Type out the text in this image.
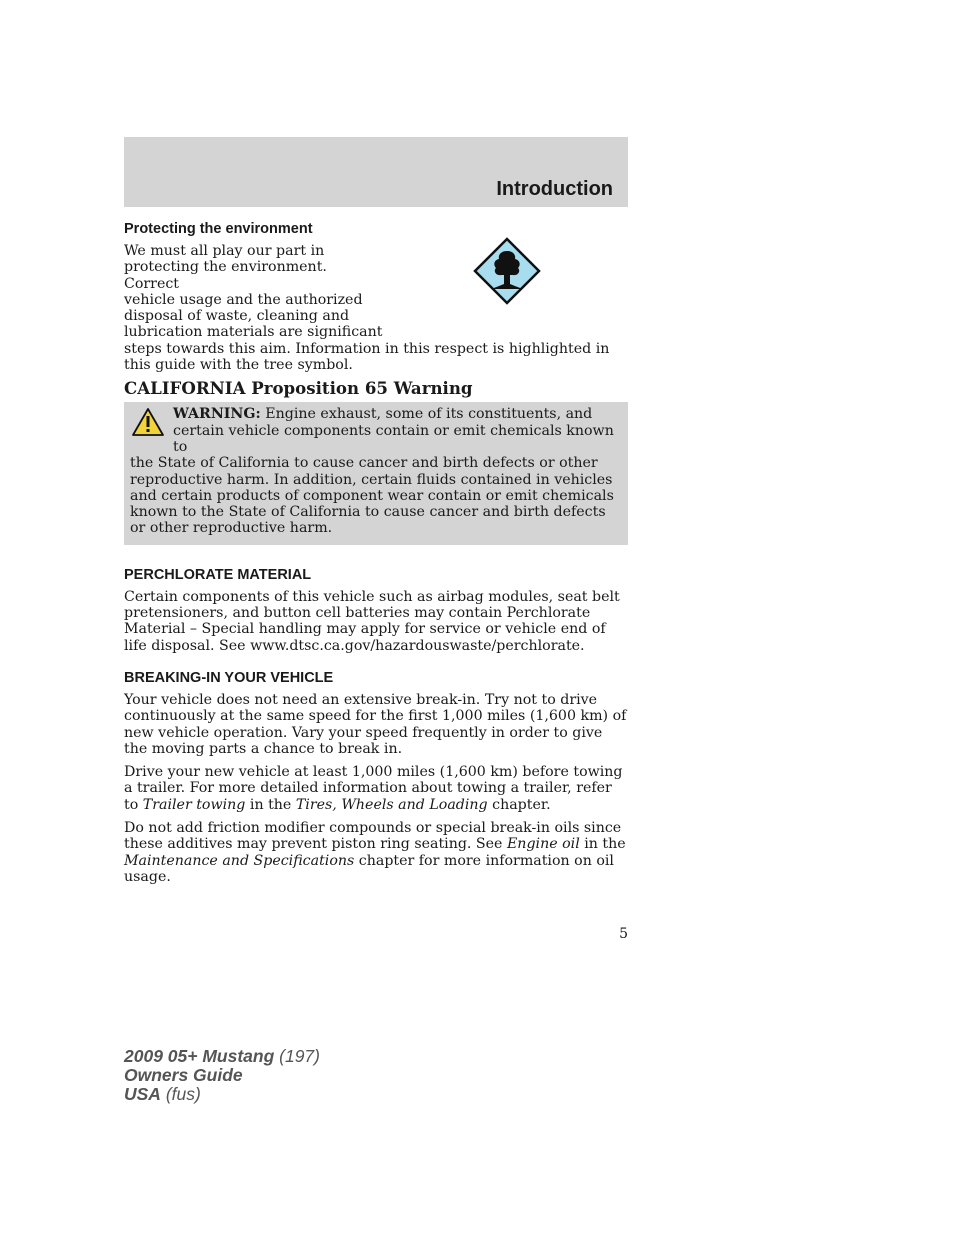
Introduction
Protecting the environment
We must all play our part in
protecting the environment. Correct
vehicle usage and the authorized
disposal of waste, cleaning and
lubrication materials are significant

steps towards this aim. Information in this respect is highlighted in this guide with the tree symbol.

CALIFORNIA Proposition 65 Warning
WARNING: Engine exhaust, some of its constituents, and certain vehicle components contain or emit chemicals known to
the State of California to cause cancer and birth defects or other reproductive harm. In addition, certain fluids contained in vehicles and certain products of component wear contain or emit chemicals known to the State of California to cause cancer and birth defects or other reproductive harm.
PERCHLORATE MATERIAL

Certain components of this vehicle such as airbag modules, seat belt pretensioners, and button cell batteries may contain Perchlorate Material – Special handling may apply for service or vehicle end of life disposal. See www.dtsc.ca.gov/hazardouswaste/perchlorate.

BREAKING-IN YOUR VEHICLE

Your vehicle does not need an extensive break-in. Try not to drive continuously at the same speed for the first 1,000 miles (1,600 km) of new vehicle operation. Vary your speed frequently in order to give the moving parts a chance to break in.

Drive your new vehicle at least 1,000 miles (1,600 km) before towing a trailer. For more detailed information about towing a trailer, refer to Trailer towing in the Tires, Wheels and Loading chapter.

Do not add friction modifier compounds or special break-in oils since these additives may prevent piston ring seating. See Engine oil in the Maintenance and Specifications chapter for more information on oil usage.

5
2009 05+ Mustang (197)
Owners Guide
USA (fus)
